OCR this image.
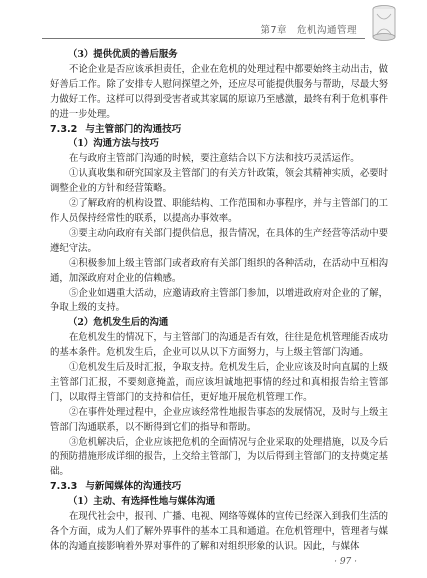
第7章　危机沟通管理
（3）提供优质的善后服务
不论企业是否应该承担责任，企业在危机的处理过程中都要始终主动出击，做好善后工作。除了安排专人慰问探望之外，还应尽可能提供服务与帮助，尽最大努力做好工作。这样可以得到受害者或其家属的原谅乃至感激，最终有利于危机事件的进一步处理。
7.3.2 与主管部门的沟通技巧
（1）沟通方法与技巧
在与政府主管部门沟通的时候，要注意结合以下方法和技巧灵活运作。
①认真收集和研究国家及主管部门的有关方针政策，领会其精神实质，必要时调整企业的方针和经营策略。
②了解政府的机构设置、职能结构、工作范围和办事程序，并与主管部门的工作人员保持经常性的联系，以提高办事效率。
③要主动向政府有关部门提供信息，报告情况，在具体的生产经营等活动中要遵纪守法。
④积极参加上级主管部门或者政府有关部门组织的各种活动，在活动中互相沟通，加深政府对企业的信赖感。
⑤企业如遇重大活动，应邀请政府主管部门参加，以增进政府对企业的了解，争取上级的支持。
（2）危机发生后的沟通
在危机发生的情况下，与主管部门的沟通是否有效，往往是危机管理能否成功的基本条件。危机发生后，企业可以从以下方面努力，与上级主管部门沟通。
①危机发生后及时汇报，争取支持。危机发生后，企业应该及时向直属的上级主管部门汇报，不要刻意掩盖，而应该坦诚地把事情的经过和真相报告给主管部门，以取得主管部门的支持和信任，更好地开展危机管理工作。
②在事件处理过程中，企业应该经常性地报告事态的发展情况，及时与上级主管部门沟通联系，以不断得到它们的指导和帮助。
③危机解决后，企业应该把危机的全面情况与企业采取的处理措施，以及今后的预防措施形成详细的报告，上交给主管部门，为以后得到主管部门的支持奠定基础。
7.3.3 与新闻媒体的沟通技巧
（1）主动、有选择性地与媒体沟通
在现代社会中，报刊、广播、电视、网络等媒体的宣传已经深入到我们生活的各个方面，成为人们了解外界事件的基本工具和通道。在危机管理中，管理者与媒体的沟通直接影响着外界对事件的了解和对组织形象的认识。因此，与媒体
· 97 ·
